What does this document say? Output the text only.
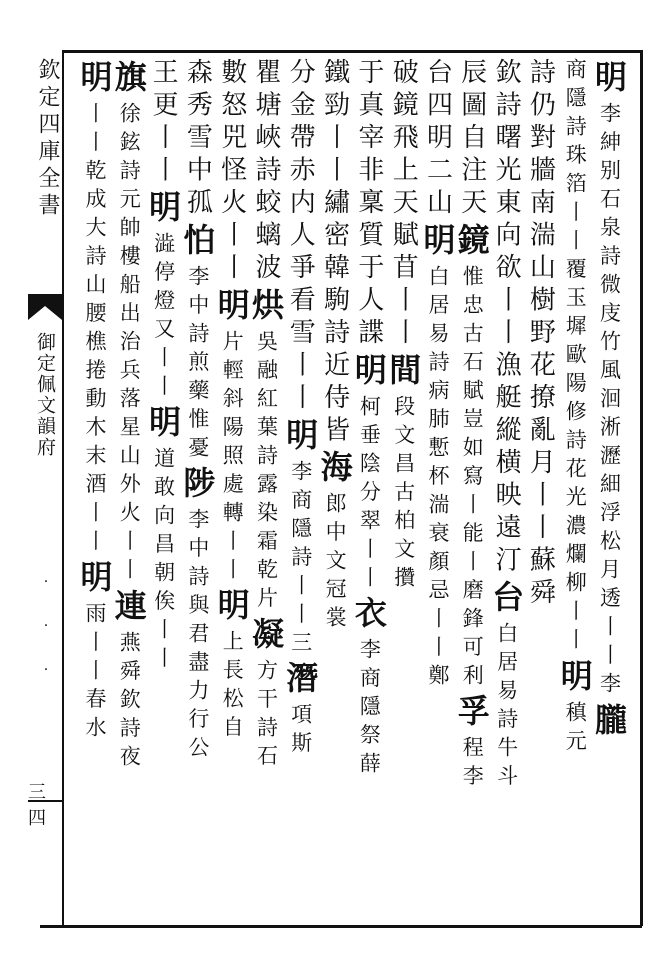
欽定四庫全書
御定佩文韻府
. . .
三四
明
李紳别石泉詩微庋竹風洄淅瀝細浮松月透丨丨李
朧
商隱詩珠箔丨丨覆玉墀歐陽修詩花光濃爛
柳丨丨
明
稹元
詩仍對牆南湍山樹野花撩亂月丨丨蘇舜
欽詩曙光東向欲丨丨漁艇縱横映遠汀
台
白居易詩牛斗
辰圖自注天
鏡
惟忠古石賦豈如寫丨能丨磨鋒可利
孚
程李
台四明二山
明
白居易詩病肺慙杯湍衰顏忌丨丨鄭
破鏡飛上天賦苜丨丨
間
段文昌古柏文攢
于真宰非稟質于人諜
明
柯垂陰分翠丨丨
衣
李商隱祭薛
鐵勁丨丨繡密韓駒詩近侍皆
海
郎中文冠裳
分金帶赤内人爭看雪丨丨
明
李商隱詩丨丨三
潛
項斯
瞿塘峽詩蛟螭波
烘
吳融紅葉詩露染霜乾片
凝
方干詩石
數怒兕怪火丨丨
明
片輕斜陽照處轉丨丨
明
上長松自
森秀雪中孤
怕
李中詩煎藥惟憂
陟
李中詩與君盡力行公
王更丨丨
明
澁停燈又丨丨
明
道敢向昌朝俟丨丨
旗
徐鉉詩元帥樓船出治兵落星山外火丨丨
連
燕舜欽詩夜
明
丨丨乾成大詩山腰樵捲動木末酒丨丨
明
雨丨丨春水
